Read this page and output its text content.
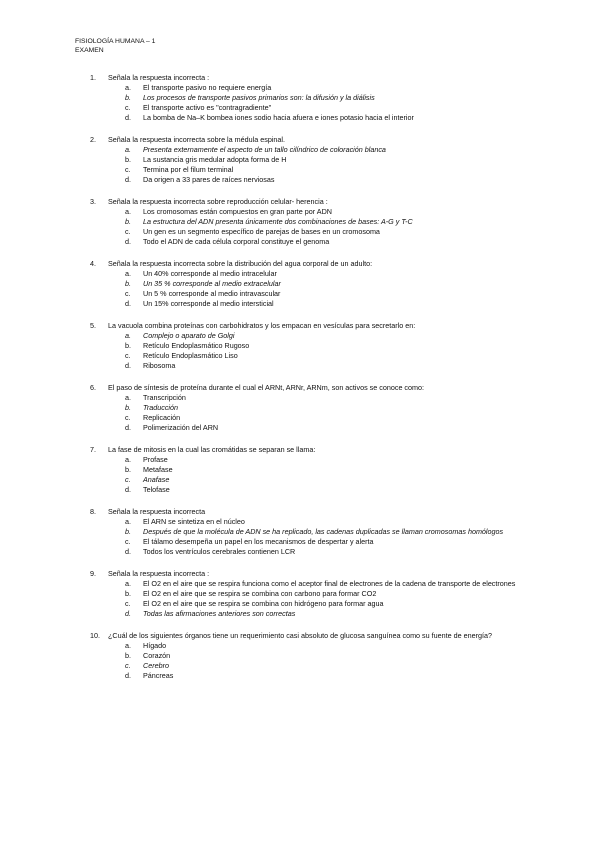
FISIOLOGÍA HUMANA – 1
EXAMEN
1. Señala la respuesta incorrecta :
a. El transporte pasivo no requiere energía
b. Los procesos de transporte pasivos primarios son: la difusión y la diálisis
c. El transporte activo es "contragradiente"
d. La bomba de Na–K bombea iones sodio hacia afuera e iones potasio hacia el interior
2. Señala la respuesta incorrecta sobre la médula espinal.
a. Presenta externamente el aspecto de un tallo cilíndrico de coloración blanca
b. La sustancia gris medular adopta forma de H
c. Termina por el filum terminal
d. Da origen a 33 pares de raíces nerviosas
3. Señala la respuesta incorrecta sobre reproducción celular- herencia :
a. Los cromosomas están compuestos en gran parte por ADN
b. La estructura del ADN presenta únicamente dos combinaciones de bases: A-G y T-C
c. Un gen es un segmento específico de parejas de bases en un cromosoma
d. Todo el ADN de cada célula corporal constituye el genoma
4. Señala la respuesta incorrecta sobre la distribución del agua corporal de un adulto:
a. Un 40% corresponde al medio intracelular
b. Un 35 % corresponde al medio extracelular
c. Un 5 % corresponde al medio intravascular
d. Un 15% corresponde al medio intersticial
5. La vacuola combina proteínas con carbohidratos y los empacan en vesículas para secretarlo en:
a. Complejo o aparato de Golgi
b. Retículo Endoplasmático Rugoso
c. Retículo Endoplasmático Liso
d. Ribosoma
6. El paso de síntesis de proteína durante el cual el ARNt, ARNr, ARNm, son activos se conoce como:
a. Transcripción
b. Traducción
c. Replicación
d. Polimerización del ARN
7. La fase de mitosis en la cual las cromátidas se separan se llama:
a. Profase
b. Metafase
c. Anafase
d. Telofase
8. Señala la respuesta incorrecta
a. El ARN se sintetiza en el núcleo
b. Después de que la molécula de ADN se ha replicado, las cadenas duplicadas se llaman cromosomas homólogos
c. El tálamo desempeña un papel en los mecanismos de despertar y alerta
d. Todos los ventrículos cerebrales contienen LCR
9. Señala la respuesta incorrecta :
a. El O2 en el aire que se respira funciona como el aceptor final de electrones de la cadena de transporte de electrones
b. El O2 en el aire que se respira se combina con carbono para formar CO2
c. El O2 en el aire que se respira se combina con hidrógeno para formar agua
d. Todas las afirmaciones anteriores son correctas
10. ¿Cuál de los siguientes órganos tiene un requerimiento casi absoluto de glucosa sanguínea como su fuente de energía?
a. Hígado
b. Corazón
c. Cerebro
d. Páncreas
